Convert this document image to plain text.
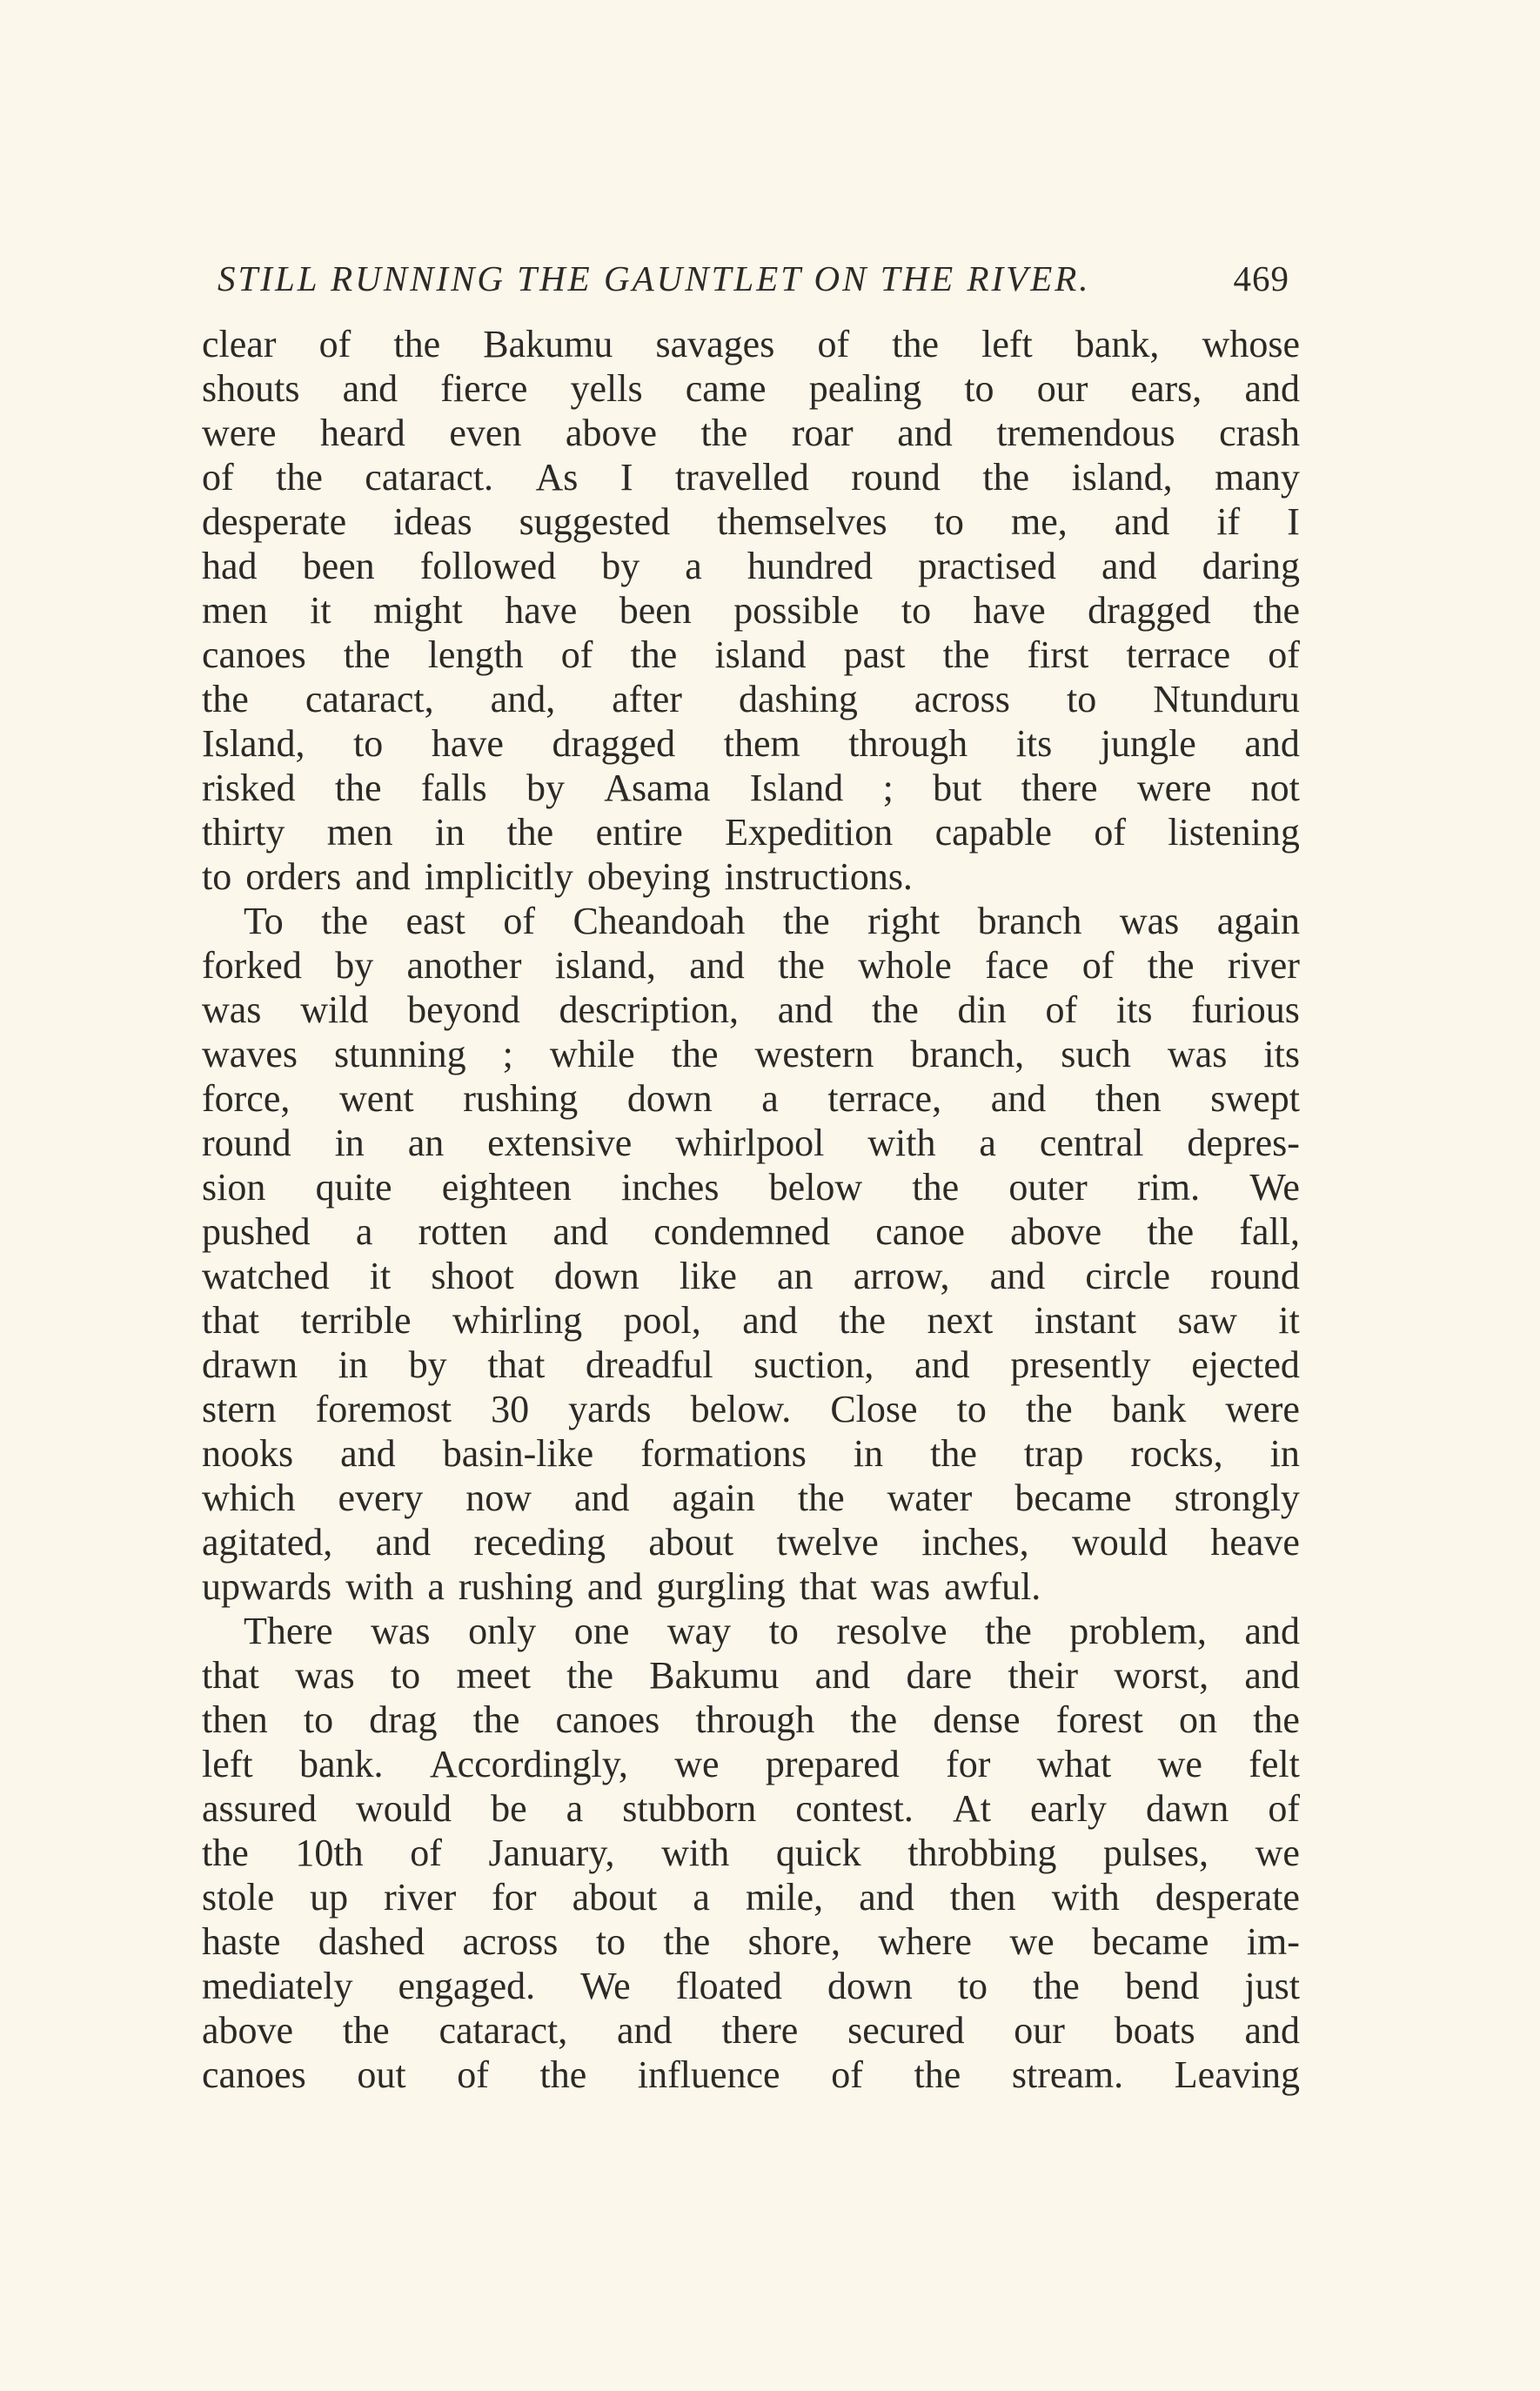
STILL RUNNING THE GAUNTLET ON THE RIVER.	469
clear of the Bakumu savages of the left bank, whose
shouts and fierce yells came pealing to our ears, and
were heard even above the roar and tremendous crash
of the cataract. As I travelled round the island, many
desperate ideas suggested themselves to me, and if I
had been followed by a hundred practised and daring
men it might have been possible to have dragged the
canoes the length of the island past the first terrace of
the cataract, and, after dashing across to Ntunduru
Island, to have dragged them through its jungle and
risked the falls by Asama Island ; but there were not
thirty men in the entire Expedition capable of listening
to orders and implicitly obeying instructions.
To the east of Cheandoah the right branch was again
forked by another island, and the whole face of the river
was wild beyond description, and the din of its furious
waves stunning ; while the western branch, such was its
force, went rushing down a terrace, and then swept
round in an extensive whirlpool with a central depres-
sion quite eighteen inches below the outer rim. We
pushed a rotten and condemned canoe above the fall,
watched it shoot down like an arrow, and circle round
that terrible whirling pool, and the next instant saw it
drawn in by that dreadful suction, and presently ejected
stern foremost 30 yards below. Close to the bank were
nooks and basin-like formations in the trap rocks, in
which every now and again the water became strongly
agitated, and receding about twelve inches, would heave
upwards with a rushing and gurgling that was awful.
There was only one way to resolve the problem, and
that was to meet the Bakumu and dare their worst, and
then to drag the canoes through the dense forest on the
left bank. Accordingly, we prepared for what we felt
assured would be a stubborn contest. At early dawn of
the 10th of January, with quick throbbing pulses, we
stole up river for about a mile, and then with desperate
haste dashed across to the shore, where we became im-
mediately engaged. We floated down to the bend just
above the cataract, and there secured our boats and
canoes out of the influence of the stream. Leaving
